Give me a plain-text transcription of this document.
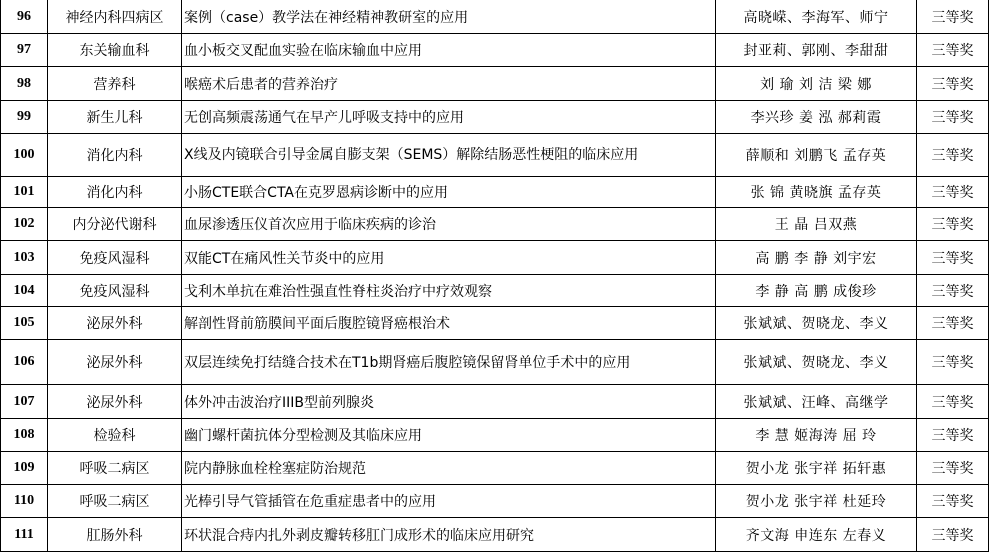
96	神经内科四病区	案例（case）教学法在神经精神教研室的应用	高晓嵘、李海军、师宁	三等奖
97	东关输血科	血小板交叉配血实验在临床输血中应用	封亚莉、郭刚、李甜甜	三等奖
98	营养科	喉癌术后患者的营养治疗	刘 瑜 刘 洁 梁 娜	三等奖
99	新生儿科	无创高频震荡通气在早产儿呼吸支持中的应用	李兴珍 姜 泓 郝莉霞	三等奖
100	消化内科	X线及内镜联合引导金属自膨支架（SEMS）解除结肠恶性梗阻的临床应用	薛顺和 刘鹏飞 孟存英	三等奖
101	消化内科	小肠CTE联合CTA在克罗恩病诊断中的应用	张 锦 黄晓旗 孟存英	三等奖
102	内分泌代谢科	血尿渗透压仪首次应用于临床疾病的诊治	王 晶 吕双燕	三等奖
103	免疫风湿科	双能CT在痛风性关节炎中的应用	高 鹏 李 静 刘宇宏	三等奖
104	免疫风湿科	戈利木单抗在难治性强直性脊柱炎治疗中疗效观察	李 静 高 鹏 成俊珍	三等奖
105	泌尿外科	解剖性肾前筋膜间平面后腹腔镜肾癌根治术	张斌斌、贺晓龙、李义	三等奖
106	泌尿外科	双层连续免打结缝合技术在T1b期肾癌后腹腔镜保留肾单位手术中的应用	张斌斌、贺晓龙、李义	三等奖
107	泌尿外科	体外冲击波治疗IIIB型前列腺炎	张斌斌、汪峰、高继学	三等奖
108	检验科	幽门螺杆菌抗体分型检测及其临床应用	李 慧 姬海涛 屈 玲	三等奖
109	呼吸二病区	院内静脉血栓栓塞症防治规范	贺小龙 张宇祥 拓轩惠	三等奖
110	呼吸二病区	光棒引导气管插管在危重症患者中的应用	贺小龙 张宇祥 杜延玲	三等奖
111	肛肠外科	环状混合痔内扎外剥皮瓣转移肛门成形术的临床应用研究	齐文海 申连东 左春义	三等奖
